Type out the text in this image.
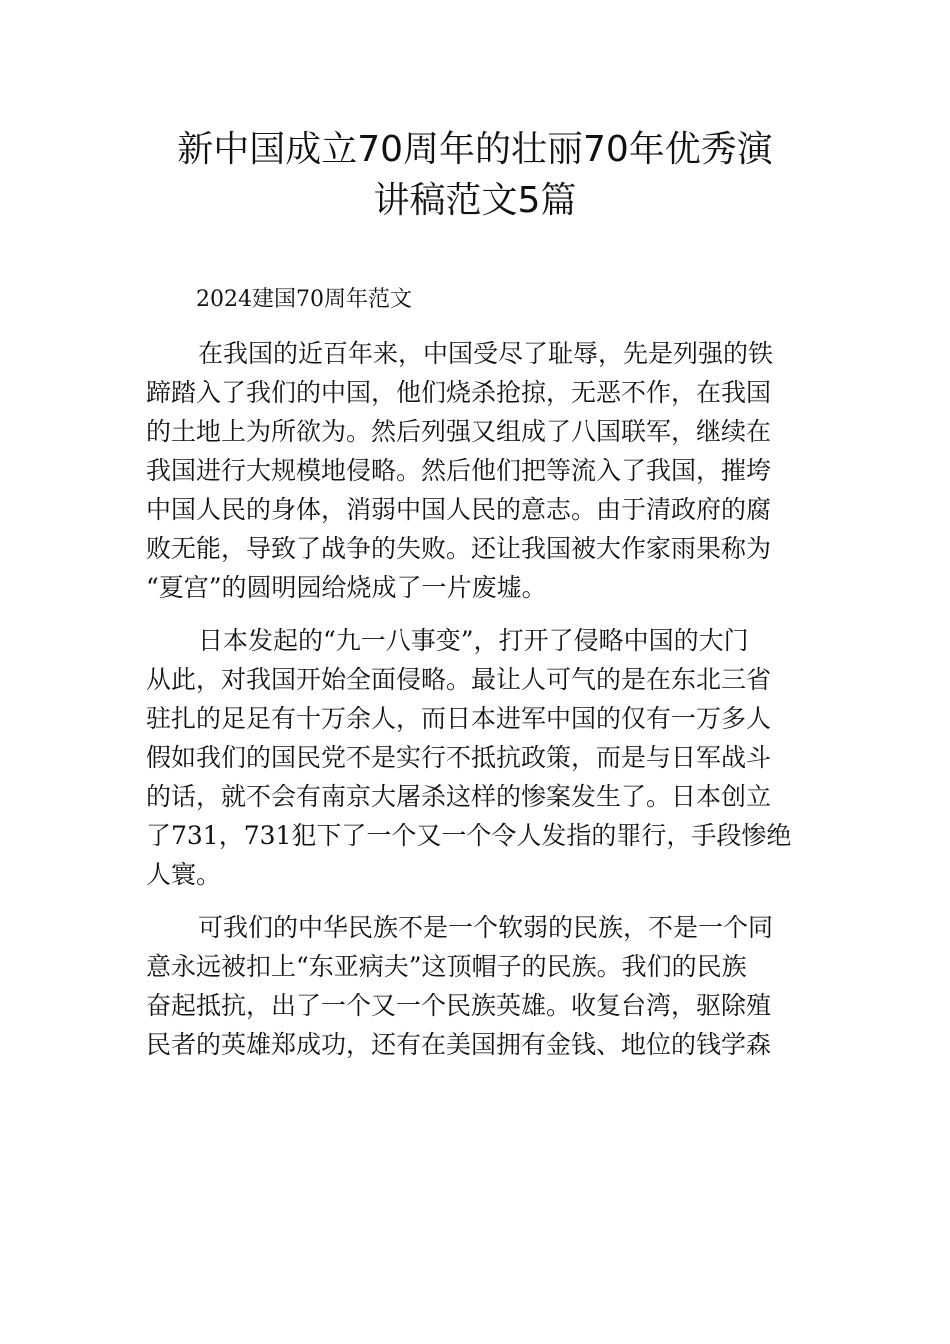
新中国成立70周年的壮丽70年优秀演
讲稿范文5篇
2024建国70周年范文
在我国的近百年来，中国受尽了耻辱，先是列强的铁
蹄踏入了我们的中国，他们烧杀抢掠，无恶不作，在我国
的土地上为所欲为。然后列强又组成了八国联军，继续在
我国进行大规模地侵略。然后他们把等流入了我国，摧垮
中国人民的身体，消弱中国人民的意志。由于清政府的腐
败无能，导致了战争的失败。还让我国被大作家雨果称为
“夏宫”的圆明园给烧成了一片废墟。
日本发起的“九一八事变”，打开了侵略中国的大门
从此，对我国开始全面侵略。最让人可气的是在东北三省
驻扎的足足有十万余人，而日本进军中国的仅有一万多人
假如我们的国民党不是实行不抵抗政策，而是与日军战斗
的话，就不会有南京大屠杀这样的惨案发生了。日本创立
了731，731犯下了一个又一个令人发指的罪行，手段惨绝
人寰。
可我们的中华民族不是一个软弱的民族，不是一个同
意永远被扣上“东亚病夫”这顶帽子的民族。我们的民族
奋起抵抗，出了一个又一个民族英雄。收复台湾，驱除殖
民者的英雄郑成功，还有在美国拥有金钱、地位的钱学森
